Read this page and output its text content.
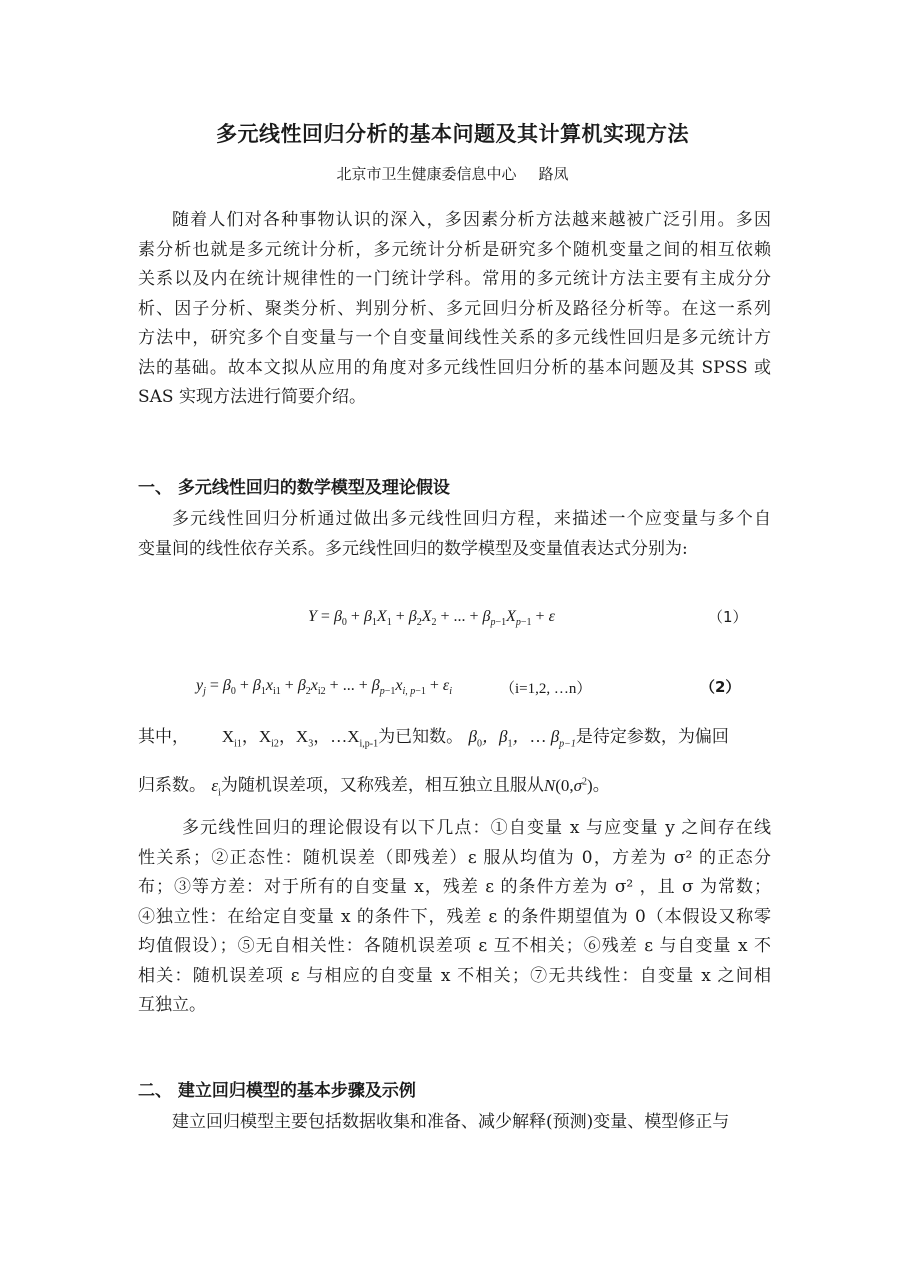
多元线性回归分析的基本问题及其计算机实现方法
北京市卫生健康委信息中心 路凤
随着人们对各种事物认识的深入，多因素分析方法越来越被广泛引用。多因
素分析也就是多元统计分析，多元统计分析是研究多个随机变量之间的相互依赖
关系以及内在统计规律性的一门统计学科。常用的多元统计方法主要有主成分分
析、因子分析、聚类分析、判别分析、多元回归分析及路径分析等。在这一系列
方法中，研究多个自变量与一个自变量间线性关系的多元线性回归是多元统计方
法的基础。故本文拟从应用的角度对多元线性回归分析的基本问题及其 SPSS 或
SAS 实现方法进行简要介绍。
一、 多元线性回归的数学模型及理论假设
多元线性回归分析通过做出多元线性回归方程，来描述一个应变量与多个自
变量间的线性依存关系。多元线性回归的数学模型及变量值表达式分别为:
$Y = \beta_0 + \beta_1X_1 + \beta_2X_2$ + ... + $\beta_{p-1}X_{p-1} + \varepsilon$	（1）
$y_j = \beta_0 + \beta_1x_{i1} + \beta_2x_{i2}$ + ... + $\beta_{p-1}x_{i, p-1} + \varepsilon_i$	（i=1,2, …n）	（2）
其中， $X_{i1}$，$X_{i2}$，$X_3$，$\dots X_{i,p-1}$为已知数。 $\beta_0$，$\beta_1$，… $\beta_{p-1}$是待定参数，为偏回
归系数。 $\varepsilon_i$为随机误差项，又称残差，相互独立且服从$N(0,\sigma^2)$。
多元线性回归的理论假设有以下几点：①自变量 x 与应变量 y 之间存在线
性关系；②正态性：随机误差（即残差）ε 服从均值为 0，方差为 σ² 的正态分
布；③等方差：对于所有的自变量 x，残差 ε 的条件方差为 σ² ，且 σ 为常数；
④独立性：在给定自变量 x 的条件下，残差 ε 的条件期望值为 0（本假设又称零
均值假设）；⑤无自相关性：各随机误差项 ε 互不相关；⑥残差 ε 与自变量 x 不
相关：随机误差项 ε 与相应的自变量 x 不相关；⑦无共线性：自变量 x 之间相
互独立。
二、 建立回归模型的基本步骤及示例
建立回归模型主要包括数据收集和准备、减少解释(预测)变量、模型修正与
